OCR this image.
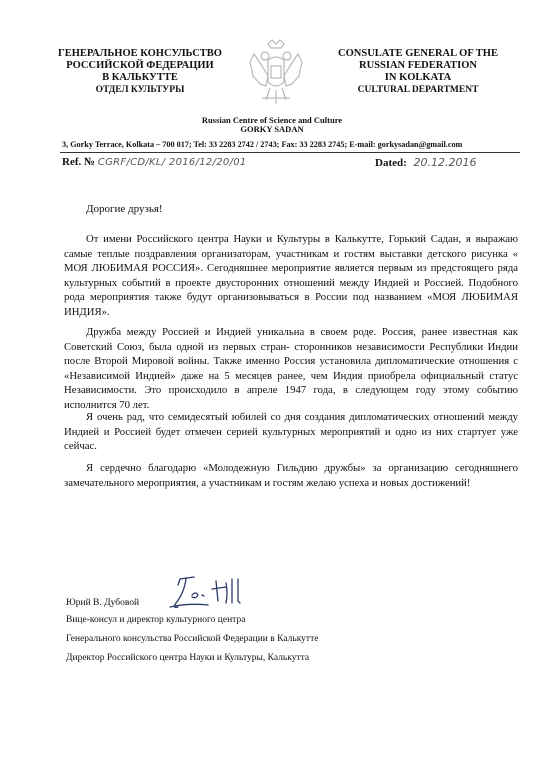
ГЕНЕРАЛЬНОЕ КОНСУЛЬСТВО
РОССИЙСКОЙ ФЕДЕРАЦИИ
В КАЛЬКУТТЕ
ОТДЕЛ КУЛЬТУРЫ
CONSULATE GENERAL OF THE
RUSSIAN FEDERATION
IN KOLKATA
CULTURAL DEPARTMENT
Russian Centre of Science and Culture
GORKY SADAN
3, Gorky Terrace, Kolkata – 700 017; Tel: 33 2283 2742 / 2743; Fax: 33 2283 2745; E-mail: gorkysadan@gmail.com
Ref. № CGRF/CD/KL/ 2016/12/20/01	Dated: 20.12.2016
Дорогие друзья!

От имени Российского центра Науки и Культуры в Калькутте, Горький Садан, я выражаю самые теплые поздравления организаторам, участникам и гостям выставки детского рисунка « МОЯ ЛЮБИМАЯ РОССИЯ». Сегодняшнее мероприятие является первым из предстоящего ряда культурных событий в проекте двусторонних отношений между Индией и Россией. Подобного рода мероприятия также будут организовываться в России под названием «МОЯ ЛЮБИМАЯ ИНДИЯ».

Дружба между Россией и Индией уникальна в своем роде. Россия, ранее известная как Советский Союз, была одной из первых стран- сторонников независимости Республики Индии после Второй Мировой войны. Также именно Россия установила дипломатические отношения с «Независимой Индией» даже на 5 месяцев ранее, чем Индия приобрела официальный статус Независимости. Это происходило в апреле 1947 года, в следующем году этому событию исполнится 70 лет.

Я очень рад, что семидесятый юбилей со дня создания дипломатических отношений между Индией и Россией будет отмечен серией культурных мероприятий и одно из них стартует уже сейчас.

Я сердечно благодарю «Молодежную Гильдию дружбы» за организацию сегодняшнего замечательного мероприятия, а участникам и гостям желаю успеха и новых достижений!

Юрий В. Дубовой
Вице-консул и директор культурного центра
Генерального консульства Российской Федерации в Калькутте
Директор Российского центра Науки и Культуры, Калькутта
